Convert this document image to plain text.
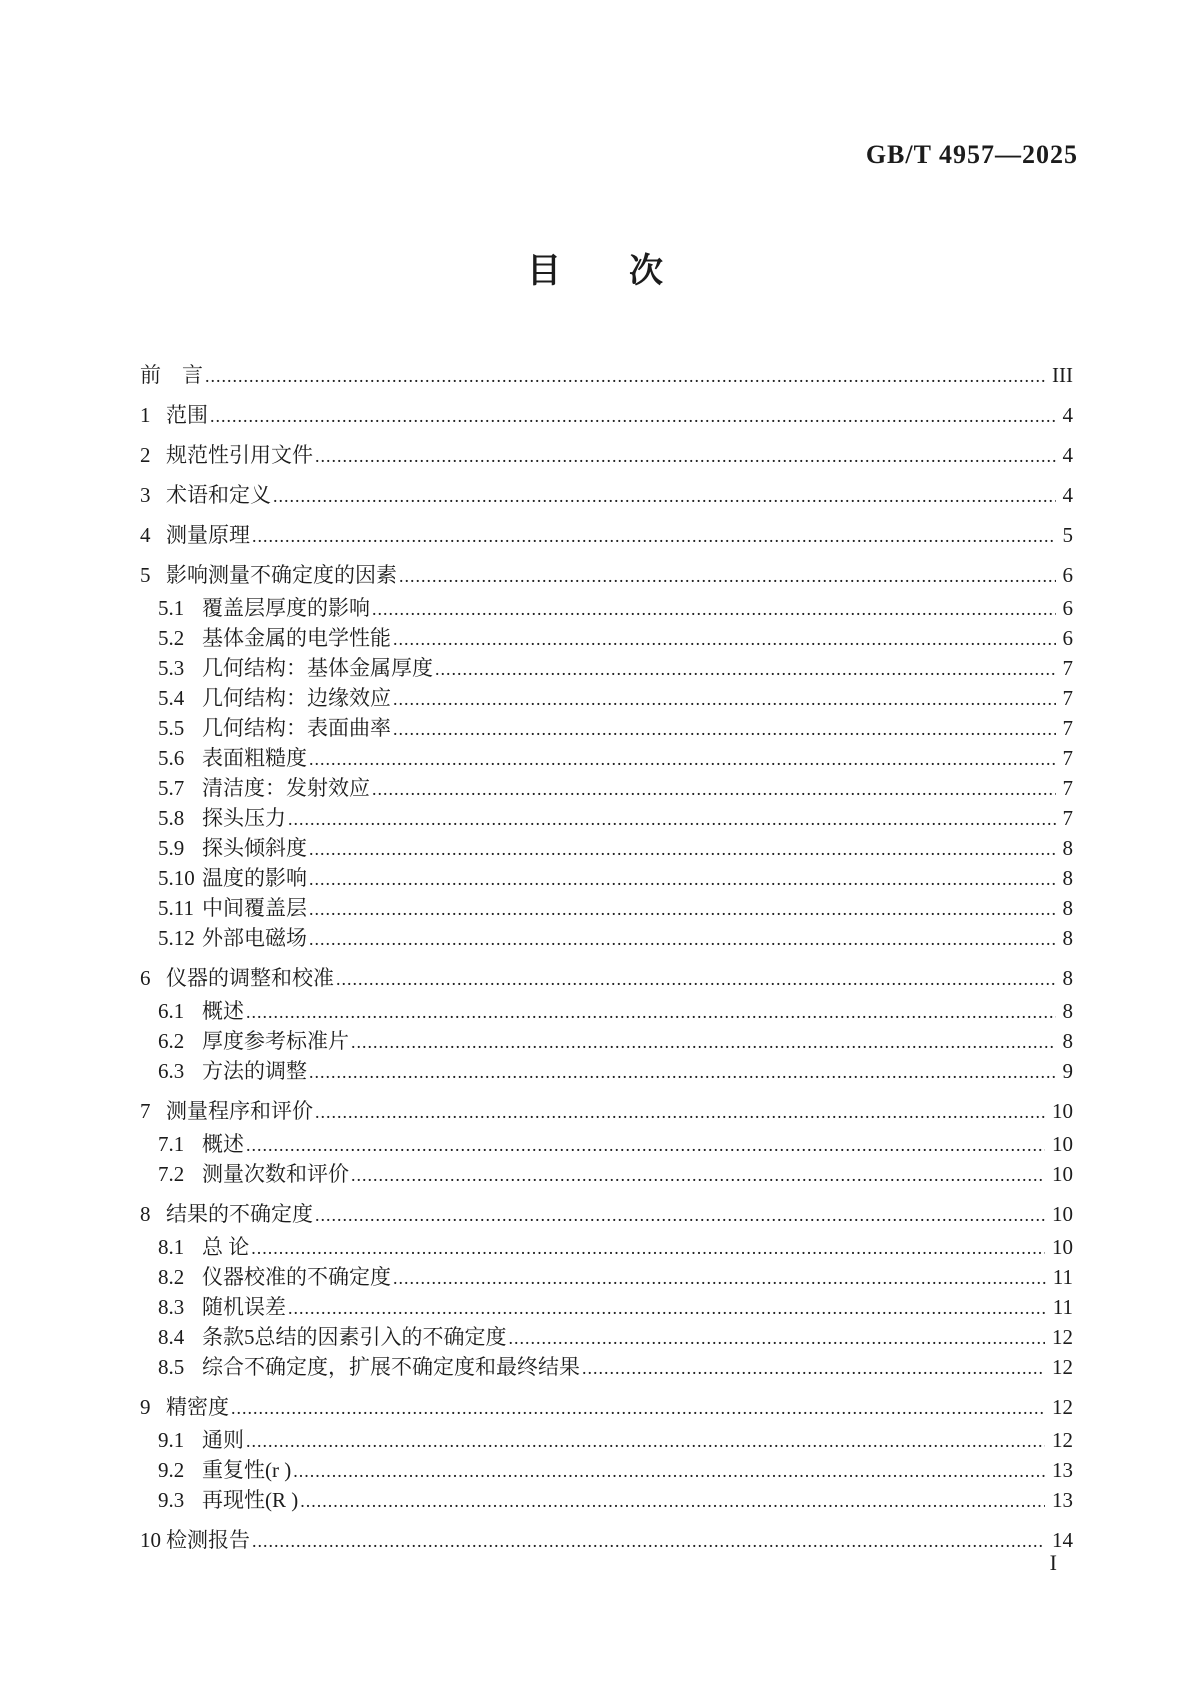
GB/T 4957—2025
目　　次
前　言 .....	III
1 范围 .....	4
2 规范性引用文件 .....	4
3 术语和定义 .....	4
4 测量原理 .....	5
5 影响测量不确定度的因素 .....	6
5.1 覆盖层厚度的影响 .....	6
5.2 基体金属的电学性能 .....	6
5.3 几何结构：基体金属厚度 .....	7
5.4 几何结构：边缘效应 .....	7
5.5 几何结构：表面曲率 .....	7
5.6 表面粗糙度 .....	7
5.7 清洁度：发射效应 .....	7
5.8 探头压力 .....	7
5.9 探头倾斜度 .....	8
5.10 温度的影响 .....	8
5.11 中间覆盖层 .....	8
5.12 外部电磁场 .....	8
6 仪器的调整和校准 .....	8
6.1 概述 .....	8
6.2 厚度参考标准片 .....	8
6.3 方法的调整 .....	9
7 测量程序和评价 .....	10
7.1 概述 .....	10
7.2 测量次数和评价 .....	10
8 结果的不确定度 .....	10
8.1 总 论 .....	10
8.2 仪器校准的不确定度 .....	11
8.3 随机误差 .....	11
8.4 条款5总结的因素引入的不确定度 .....	12
8.5 综合不确定度，扩展不确定度和最终结果 .....	12
9 精密度 .....	12
9.1 通则 .....	12
9.2 重复性(r ) .....	13
9.3 再现性(R ) .....	13
10 检测报告 .....	14
I
